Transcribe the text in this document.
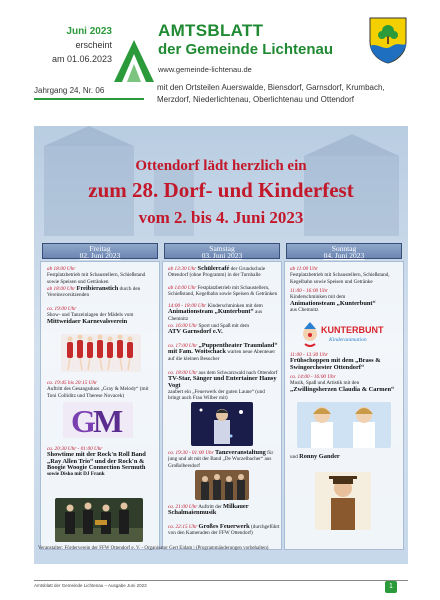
Juni 2023
erscheint
am 01.06.2023
AMTSBLATT
der Gemeinde Lichtenau
www.gemeinde-lichtenau.de
Jahrgang 24, Nr. 06	mit den Ortsteilen Auerswalde, Biensdorf, Garnsdorf, Krumbach, Merzdorf, Niederlichtenau, Oberlichtenau und Ottendorf
Ottendorf lädt herzlich ein
zum 28. Dorf- und Kinderfest
vom 2. bis 4. Juni 2023
Freitag
02. Juni 2023
Samstag
03. Juni 2023
Sonntag
04. Juni 2023
ab 18:00 Uhr
Festplatzbetrieb mit Schaustellern, Schießstand sowie Speisen und Getränken
ab 18:00 Uhr Freibieranstich durch den Vereinsvorsitzenden
ca. 19:00 Uhr
Show- und Tanzeinlagen der Mädels vom
Mittweidaer Karnevalsverein
ca. 19:45 bis 20:15 Uhr
Auftritt des Gesangsduos „Gray & Melody“ (mit Toni Colliditz und Therese Novacek)
G
M
ca. 20:30 Uhr - 01:00 Uhr
Showtime mit der Rock'n Roll Band „Ray Allen Trio“ und der Rock'n & Boogie Woogie Connection Sermuth
sowie Disko mit DJ Frank
ab 13:30 Uhr Schülercafé der Grundschule Ottendorf (ohne Programm) in der Turnhalle
ab 14:00 Uhr Festplatzbetrieb mit Schaustellern, Schießstand, Kegelbahn sowie Speisen & Getränken
14:00 - 18:00 Uhr Kinderschminken mit dem
Animationsteam „Kunterbunt“ aus Chemnitz
ca. 16:00 Uhr Sport und Spaß mit dem
ATV Garnsdorf e.V.
ca. 17:00 Uhr „Puppentheater Traumland“ mit Fam. Woitschack warten neue Abenteuer auf die kleinen Besucher
ca. 18:00 Uhr aus dem Schwarzwald nach Ottendorf
TV-Star, Sänger und Entertainer Hansy Vogt
zaubert ein „Feuerwerk der guten Laune“ (und bringt auch Frau Wilber mit)
ca. 19:30 - 01:00 Uhr Tanzveranstaltung für jung und alt mit der Band „De Wurzelbacher“ aus Großolbersdorf
ca. 21:00 Uhr Auftritt der Milkauer Schalmaienmusik
ca. 22:15 Uhr Großes Feuerwerk (durchgeführt von den Kameraden der FFW Ottendorf)
ab 11:00 Uhr
Festplatzbetrieb mit Schaustellern, Schießstand, Kegelbahn sowie Speisen und Getränke
11:00 - 16:00 Uhr
Kinderschminken mit dem
Animationsteam „Kunterbunt“
aus Chemnitz
KUNTERBUNT
Kinderanimation
11:00 - 13:30 Uhr
Frühschoppen mit dem „Brass & Swingorchester Ottendorf“
ca. 14:00 - 16:00 Uhr
Musik, Spaß und Artistik mit den
„Zwillingsherzen Claudia & Carmen“
und Ronny Gander
Veranstalter: Förderverein der FFW Ottendorf e. V. - Organisator Gert Eidam | (Programmänderungen vorbehalten)
Amtsblatt der Gemeinde Lichtenau – Ausgabe Juni 2023	1
